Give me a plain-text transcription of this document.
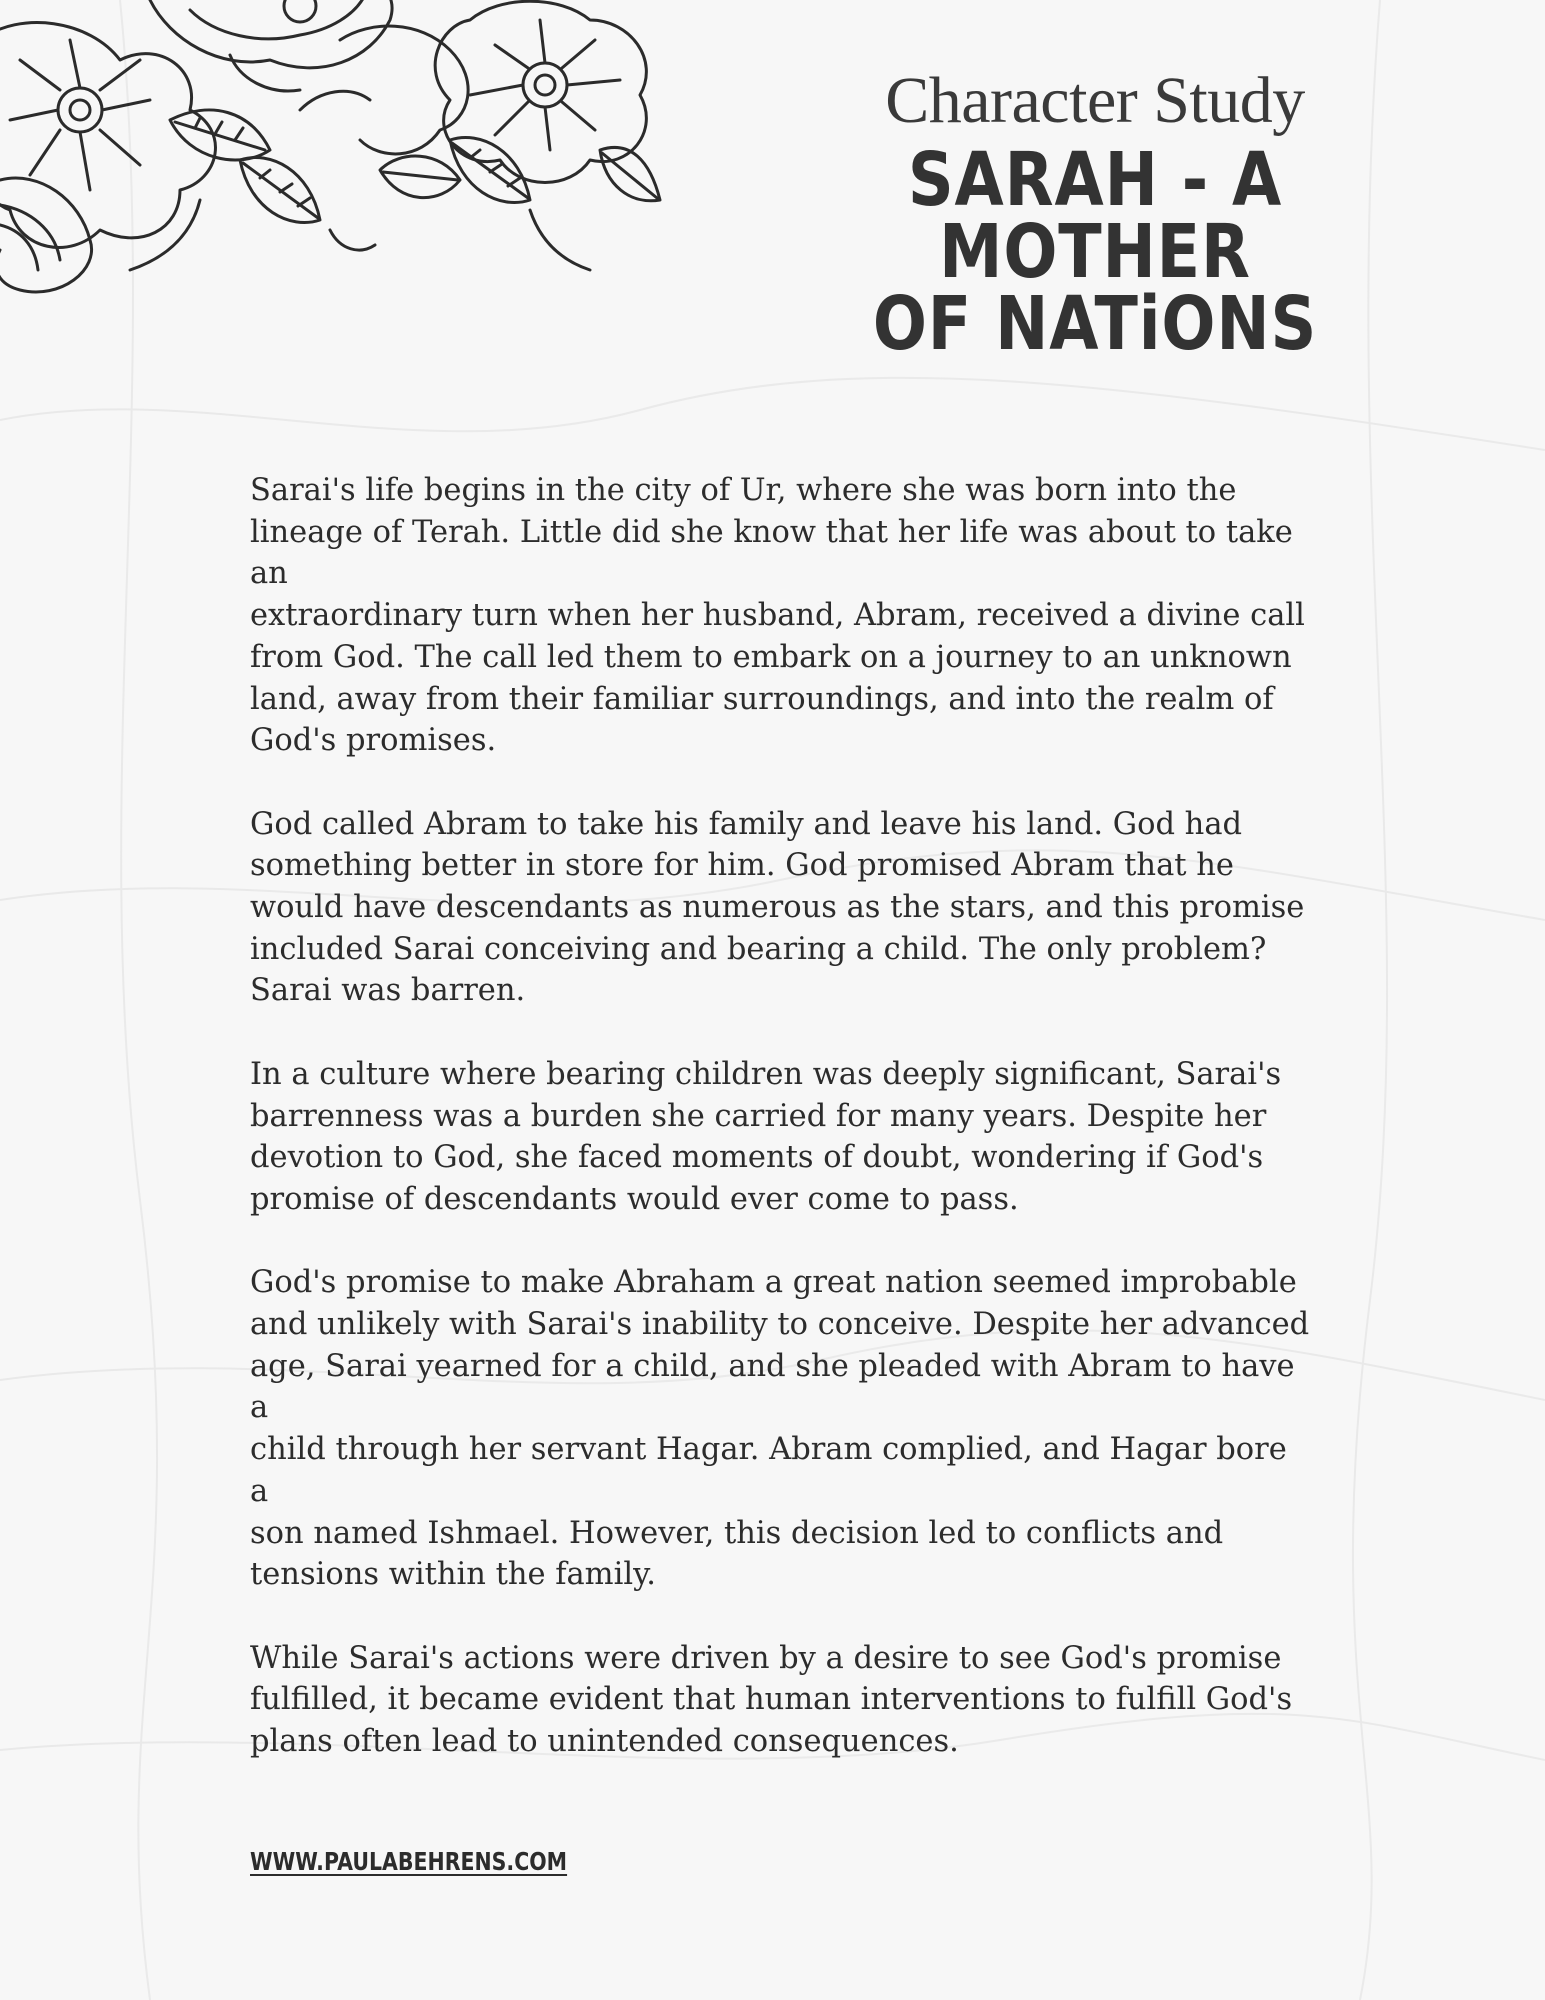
Character Study
SARAH - A MOTHER
OF NATiONS

Sarai's life begins in the city of Ur, where she was born into the
lineage of Terah. Little did she know that her life was about to take an
extraordinary turn when her husband, Abram, received a divine call
from God. The call led them to embark on a journey to an unknown
land, away from their familiar surroundings, and into the realm of
God's promises.

God called Abram to take his family and leave his land. God had
something better in store for him. God promised Abram that he
would have descendants as numerous as the stars, and this promise
included Sarai conceiving and bearing a child. The only problem?
Sarai was barren.

In a culture where bearing children was deeply significant, Sarai's
barrenness was a burden she carried for many years. Despite her
devotion to God, she faced moments of doubt, wondering if God's
promise of descendants would ever come to pass.

God's promise to make Abraham a great nation seemed improbable
and unlikely with Sarai's inability to conceive. Despite her advanced
age, Sarai yearned for a child, and she pleaded with Abram to have a
child through her servant Hagar. Abram complied, and Hagar bore a
son named Ishmael. However, this decision led to conflicts and
tensions within the family.

While Sarai's actions were driven by a desire to see God's promise
fulfilled, it became evident that human interventions to fulfill God's
plans often lead to unintended consequences.

WWW.PAULABEHRENS.COM
